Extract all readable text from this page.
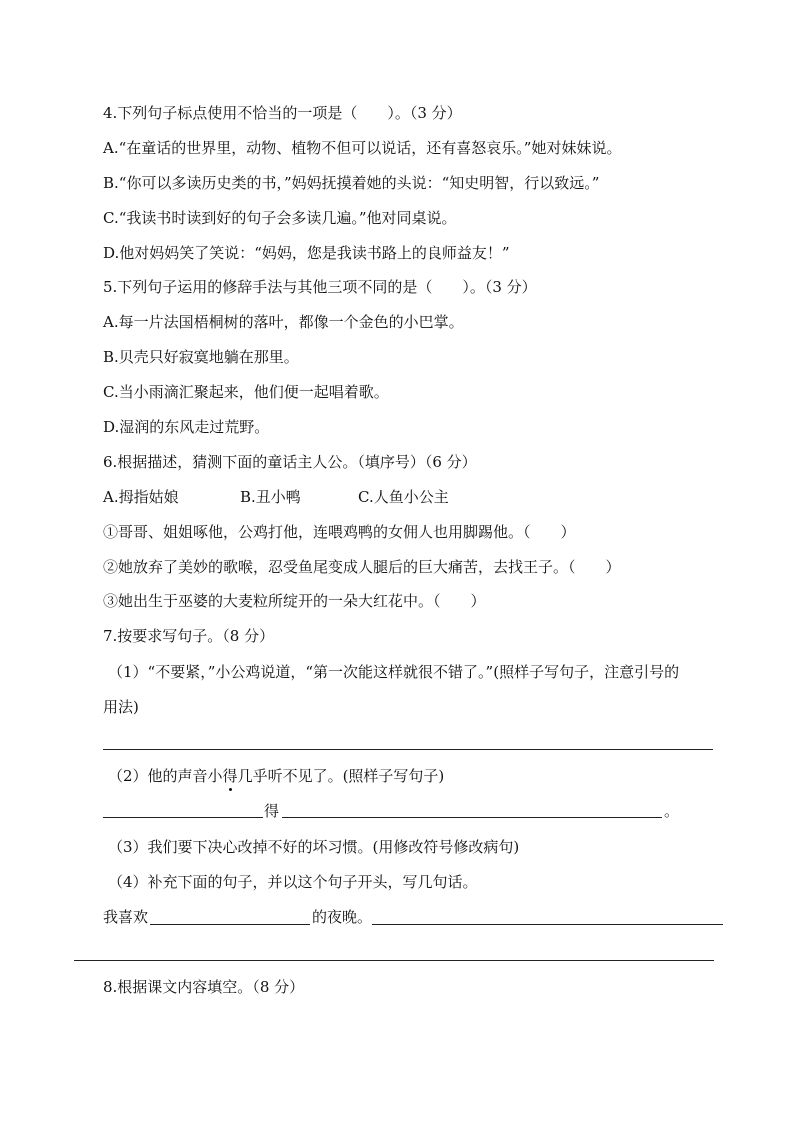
4.下列句子标点使用不恰当的一项是（　　）。（3 分）
A.“在童话的世界里，动物、植物不但可以说话，还有喜怒哀乐。”她对妹妹说。
B.“你可以多读历史类的书，”妈妈抚摸着她的头说：“知史明智，行以致远。”
C.“我读书时读到好的句子会多读几遍。”他对同桌说。
D.他对妈妈笑了笑说：“妈妈，您是我读书路上的良师益友！”
5.下列句子运用的修辞手法与其他三项不同的是（　　）。（3 分）
A.每一片法国梧桐树的落叶，都像一个金色的小巴掌。
B.贝壳只好寂寞地躺在那里。
C.当小雨滴汇聚起来，他们便一起唱着歌。
D.湿润的东风走过荒野。
6.根据描述，猜测下面的童话主人公。（填序号）（6 分）
A.拇指姑娘	B.丑小鸭	C.人鱼小公主
①哥哥、姐姐啄他，公鸡打他，连喂鸡鸭的女佣人也用脚踢他。（　　）
②她放弃了美妙的歌喉，忍受鱼尾变成人腿后的巨大痛苦，去找王子。（　　）
③她出生于巫婆的大麦粒所绽开的一朵大红花中。（　　）
7.按要求写句子。（8 分）
（1）“不要紧，”小公鸡说道，“第一次能这样就很不错了。”(照样子写句子，注意引号的
用法)
（2）他的声音小得几乎听不见了。(照样子写句子)
得	。
（3）我们要下决心改掉不好的坏习惯。(用修改符号修改病句)
（4）补充下面的句子，并以这个句子开头，写几句话。
我喜欢	的夜晚。
8.根据课文内容填空。（8 分）
